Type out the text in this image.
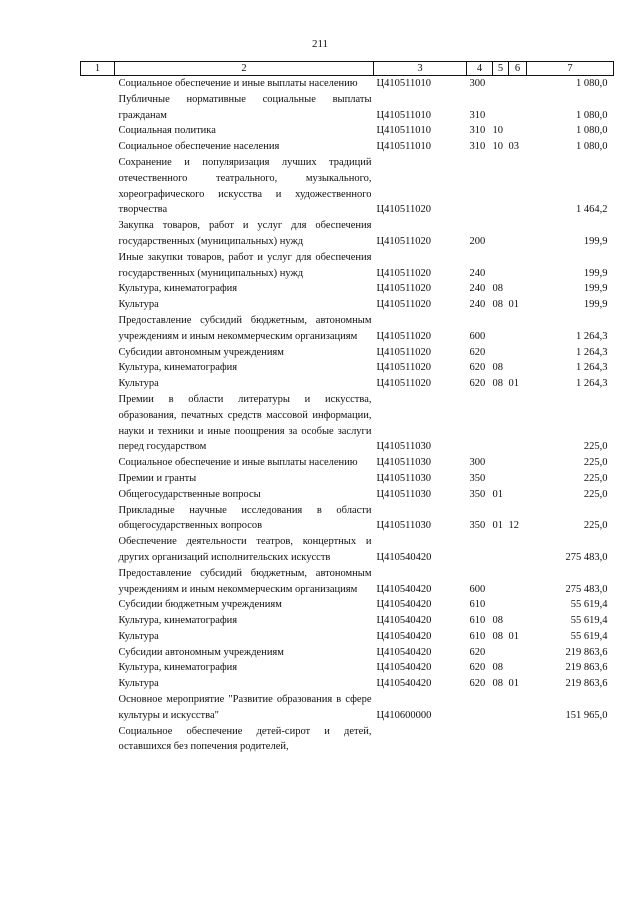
211
1	2	3	4	5	6	7
	Социальное обеспечение и иные выплаты населению	Ц410511010	300			1 080,0
	Публичные нормативные социальные выплаты гражданам	Ц410511010	310			1 080,0
	Социальная политика	Ц410511010	310	10		1 080,0
	Социальное обеспечение населения	Ц410511010	310	10	03	1 080,0
	Сохранение и популяризация лучших традиций отечественного театрального, музыкального, хореографического искусства и художественного творчества	Ц410511020				1 464,2
	Закупка товаров, работ и услуг для обеспечения государственных (муниципальных) нужд	Ц410511020	200			199,9
	Иные закупки товаров, работ и услуг для обеспечения государственных (муниципальных) нужд	Ц410511020	240			199,9
	Культура, кинематография	Ц410511020	240	08		199,9
	Культура	Ц410511020	240	08	01	199,9
	Предоставление субсидий бюджетным, автономным учреждениям и иным некоммерческим организациям	Ц410511020	600			1 264,3
	Субсидии автономным учреждениям	Ц410511020	620			1 264,3
	Культура, кинематография	Ц410511020	620	08		1 264,3
	Культура	Ц410511020	620	08	01	1 264,3
	Премии в области литературы и искусства, образования, печатных средств массовой информации, науки и техники и иные поощрения за особые заслуги перед государством	Ц410511030				225,0
	Социальное обеспечение и иные выплаты населению	Ц410511030	300			225,0
	Премии и гранты	Ц410511030	350			225,0
	Общегосударственные вопросы	Ц410511030	350	01		225,0
	Прикладные научные исследования в области общегосударственных вопросов	Ц410511030	350	01	12	225,0
	Обеспечение деятельности театров, концертных и других организаций исполнительских искусств	Ц410540420				275 483,0
	Предоставление субсидий бюджетным, автономным учреждениям и иным некоммерческим организациям	Ц410540420	600			275 483,0
	Субсидии бюджетным учреждениям	Ц410540420	610			55 619,4
	Культура, кинематография	Ц410540420	610	08		55 619,4
	Культура	Ц410540420	610	08	01	55 619,4
	Субсидии автономным учреждениям	Ц410540420	620			219 863,6
	Культура, кинематография	Ц410540420	620	08		219 863,6
	Культура	Ц410540420	620	08	01	219 863,6
	Основное мероприятие "Развитие образования в сфере культуры и искусства"	Ц410600000				151 965,0
	Социальное обеспечение детей-сирот и детей, оставшихся без попечения родителей,					
